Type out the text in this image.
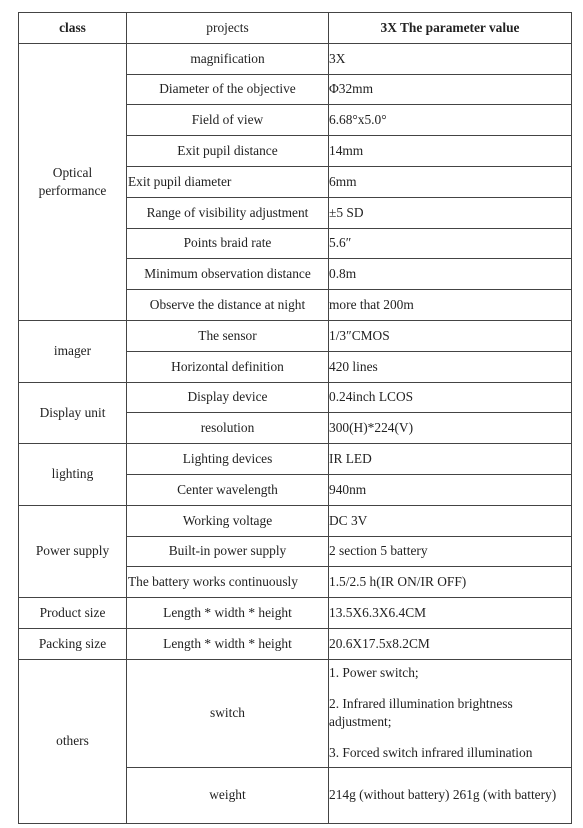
class	projects	3X The parameter value
Optical performance	magnification	3X
	Diameter of the objective	Φ32mm
	Field of view	6.68°x5.0°
	Exit pupil distance	14mm
	Exit pupil diameter	6mm
	Range of visibility adjustment	±5 SD
	Points braid rate	5.6″
	Minimum observation distance	0.8m
	Observe the distance at night	more that 200m
imager	The sensor	1/3″CMOS
	Horizontal definition	420 lines
Display unit	Display device	0.24inch LCOS
	resolution	300(H)*224(V)
lighting	Lighting devices	IR LED
	Center wavelength	940nm
Power supply	Working voltage	DC 3V
	Built-in power supply	2 section 5 battery
	The battery works continuously	1.5/2.5 h(IR ON/IR OFF)
Product size	Length * width * height	13.5X6.3X6.4CM
Packing size	Length * width * height	20.6X17.5x8.2CM
others	switch	1. Power switch;

2. Infrared illumination brightness adjustment;

3. Forced switch infrared illumination

	weight	214g (without battery) 261g (with battery)
